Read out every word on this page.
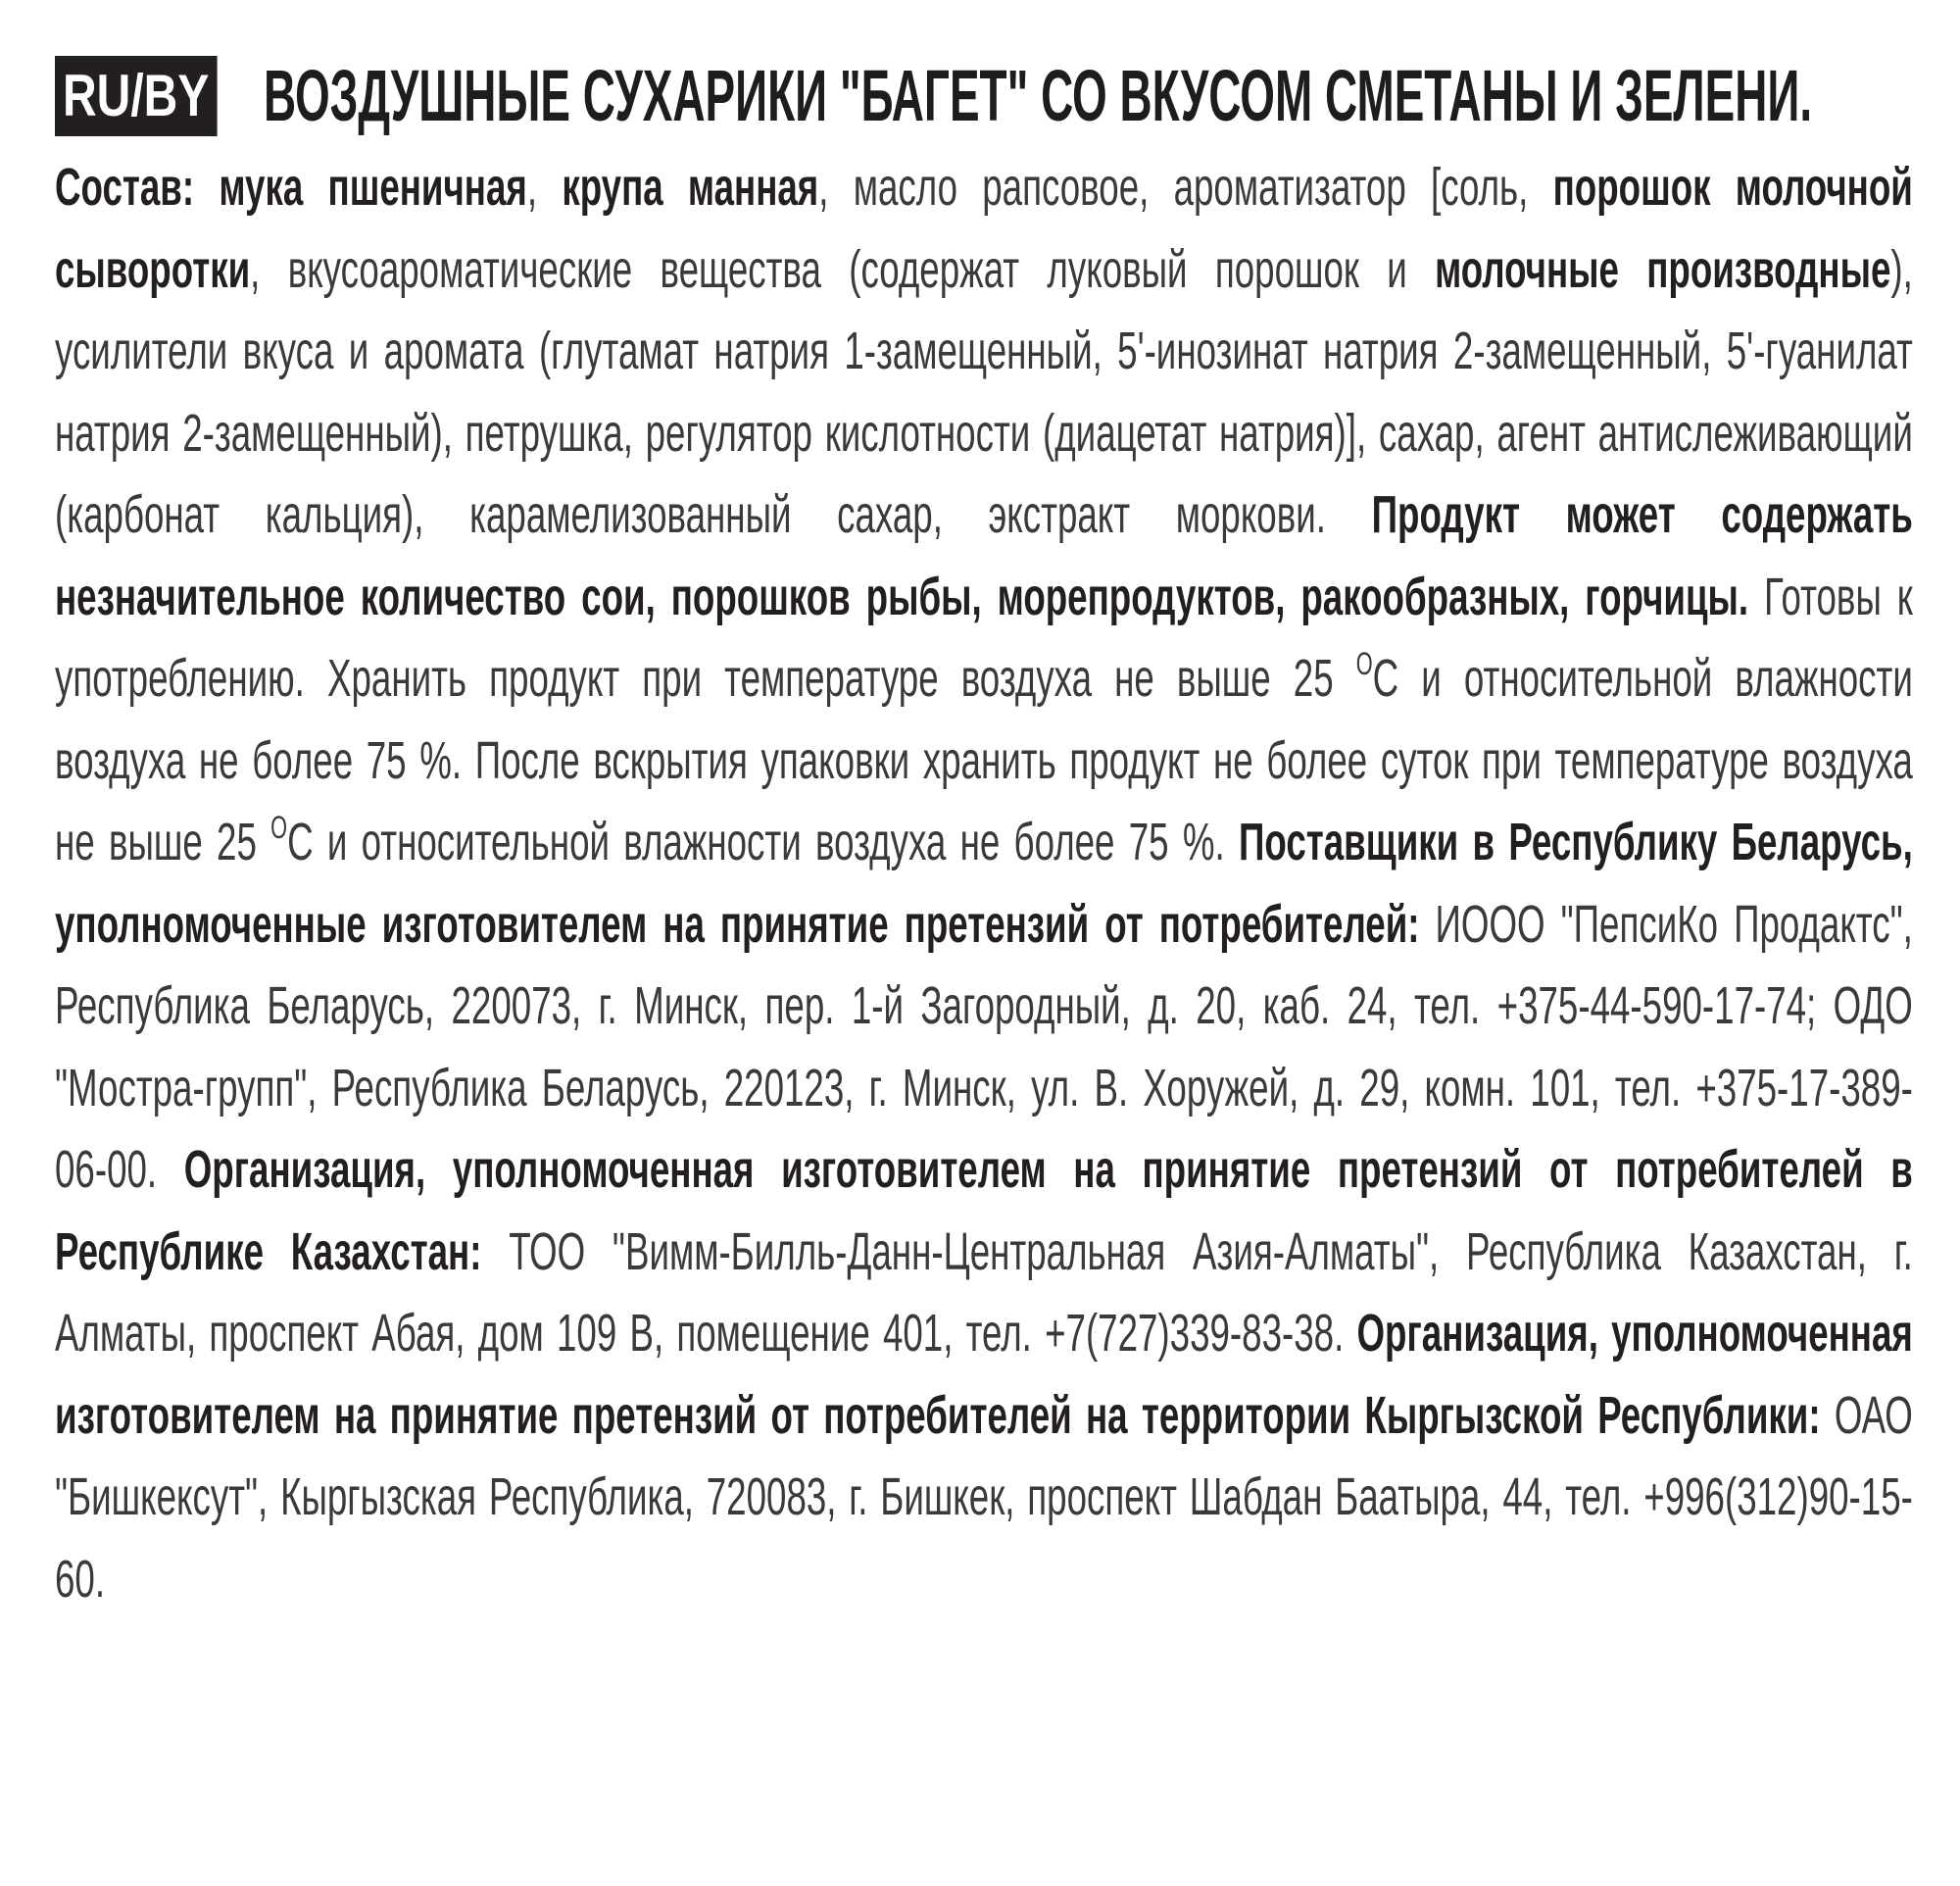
RU/BY ВОЗДУШНЫЕ СУХАРИКИ "БАГЕТ" СО ВКУСОМ СМЕТАНЫ И ЗЕЛЕНИ.
Состав: мука пшеничная, крупа манная, масло рапсовое, ароматизатор [соль, порошок молочной сыворотки, вкусоароматические вещества (содержат луковый порошок и молочные производные), усилители вкуса и аромата (глутамат натрия 1-замещенный, 5'-инозинат натрия 2-замещенный, 5'-гуанилат натрия 2-замещенный), петрушка, регулятор кислотности (диацетат натрия)], сахар, агент антислеживающий (карбонат кальция), карамелизованный сахар, экстракт моркови. Продукт может содержать незначительное количество сои, порошков рыбы, морепродуктов, ракообразных, горчицы. Готовы к употреблению. Хранить продукт при температуре воздуха не выше 25 $^O$C и относительной влажности воздуха не более 75 %. После вскрытия упаковки хранить продукт не более суток при температуре воздуха не выше 25 $^O$C и относительной влажности воздуха не более 75 %. Поставщики в Республику Беларусь, уполномоченные изготовителем на принятие претензий от потребителей: ИООО "ПепсиКо Продактс", Республика Беларусь, 220073, г. Минск, пер. 1-й Загородный, д. 20, каб. 24, тел. +375-44-590-17-74; ОДО "Мостра-групп", Республика Беларусь, 220123, г. Минск, ул. В. Хоружей, д. 29, комн. 101, тел. +375-17-389-06-00. Организация, уполномоченная изготовителем на принятие претензий от потребителей в Республике Казахстан: ТОО "Вимм-Билль-Данн-Центральная Азия-Алматы", Республика Казахстан, г. Алматы, проспект Абая, дом 109 В, помещение 401, тел. +7(727)339-83-38. Организация, уполномоченная изготовителем на принятие претензий от потребителей на территории Кыргызской Республики: ОАО "Бишкексут", Кыргызская Республика, 720083, г. Бишкек, проспект Шабдан Баатыра, 44, тел. +996(312)90-15-60.
